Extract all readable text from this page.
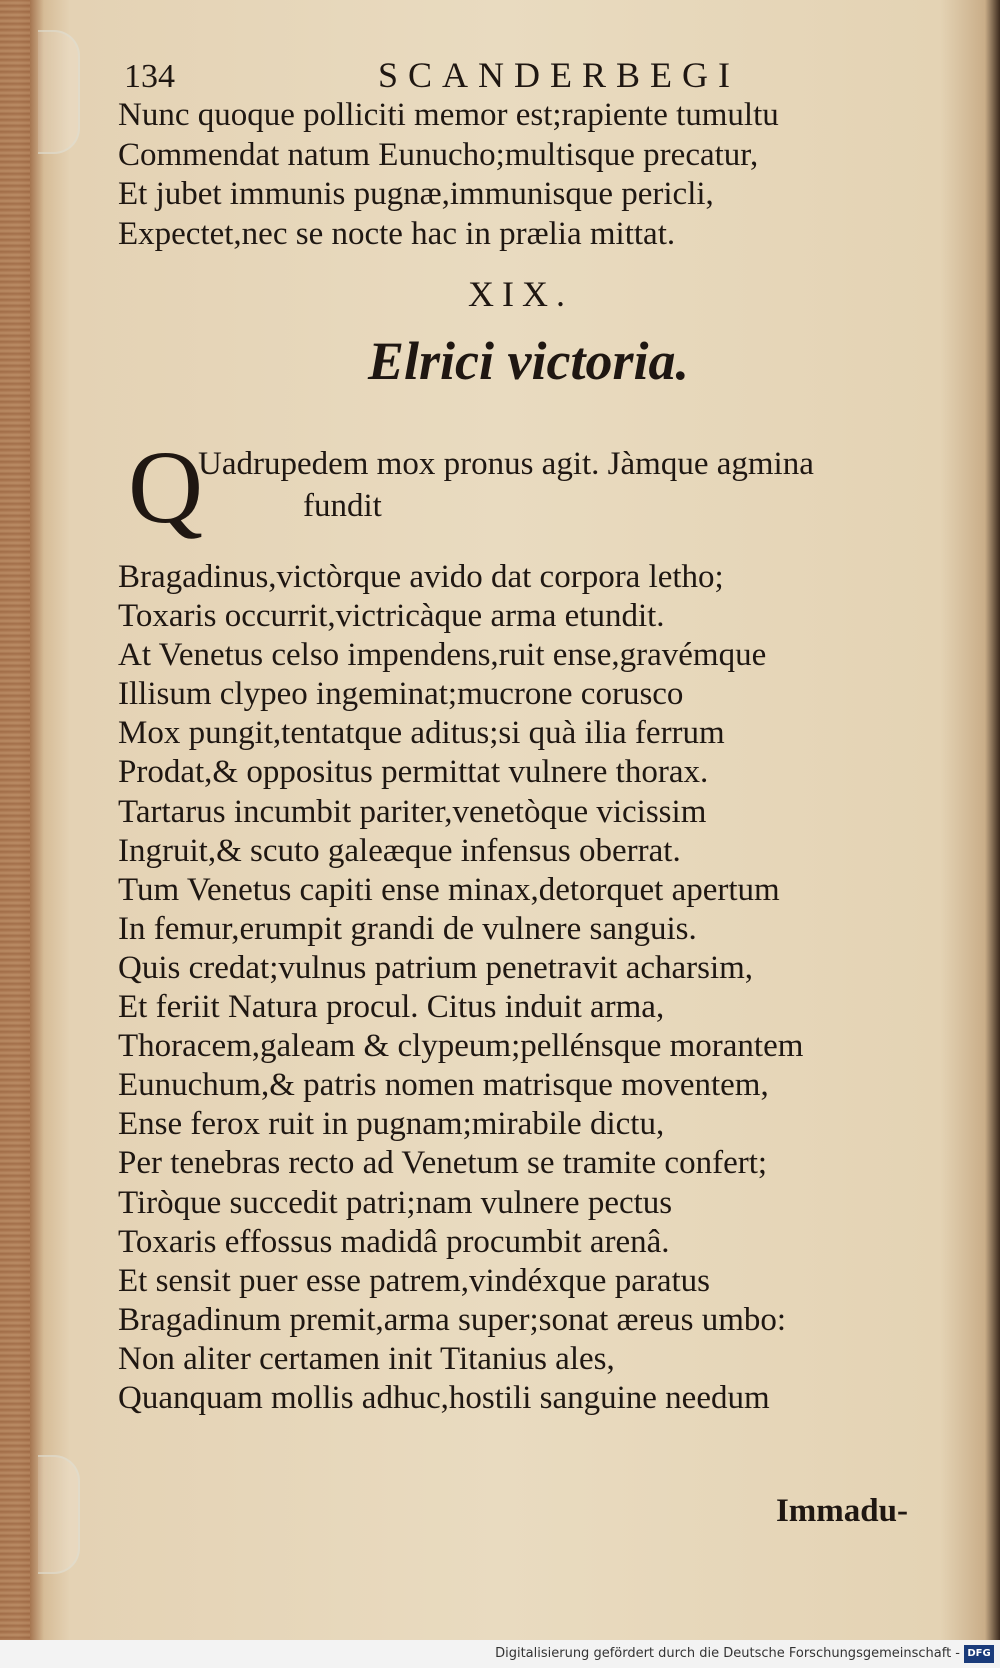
134	SCANDERBEGI
Nunc quoque polliciti memor est;rapiente tumultu
Commendat natum Eunucho;multisque precatur,
Et jubet immunis pugnæ,immunisque pericli,
Expectet,nec se nocte hac in prælia mittat.
XIX.
Elrici victoria.
Q
Uadrupedem mox pronus agit. Jàmque agmina
fundit
Bragadinus,victòrque avido dat corpora letho;
Toxaris occurrit,victricàque arma etundit.
At Venetus celso impendens,ruit ense,gravémque
Illisum clypeo ingeminat;mucrone corusco
Mox pungit,tentatque aditus;si quà ilia ferrum
Prodat,& oppositus permittat vulnere thorax.
Tartarus incumbit pariter,venetòque vicissim
Ingruit,& scuto galeæque infensus oberrat.
Tum Venetus capiti ense minax,detorquet apertum
In femur,erumpit grandi de vulnere sanguis.
Quis credat;vulnus patrium penetravit acharsim,
Et feriit Natura procul. Citus induit arma,
Thoracem,galeam & clypeum;pellénsque morantem
Eunuchum,& patris nomen matrisque moventem,
Ense ferox ruit in pugnam;mirabile dictu,
Per tenebras recto ad Venetum se tramite confert;
Tiròque succedit patri;nam vulnere pectus
Toxaris effossus madidâ procumbit arenâ.
Et sensit puer esse patrem,vindéxque paratus
Bragadinum premit,arma super;sonat æreus umbo:
Non aliter certamen init Titanius ales,
Quanquam mollis adhuc,hostili sanguine needum
Immadu-
Digitalisierung gefördert durch die Deutsche Forschungsgemeinschaft - DFG
